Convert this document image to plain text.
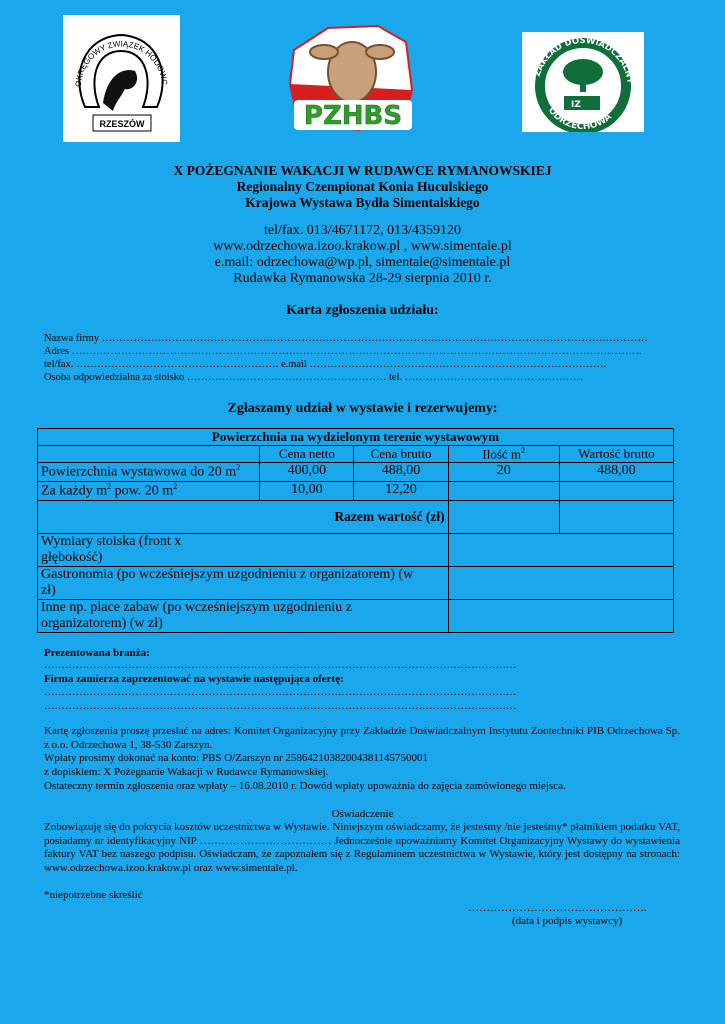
OKRĘGOWY ZWIĄZEK HODOWC
RZESZÓW	PZHBS
ZAKŁAD DOŚWIADCZALNY
ODRZECHOWA
IZ
X POŻEGNANIE WAKACJI W RUDAWCE RYMANOWSKIEJ
Regionalny Czempionat Konia Huculskiego
Krajowa Wystawa Bydła Simentalskiego
tel/fax. 013/4671172, 013/4359120
www.odrzechowa.izoo.krakow.pl , www.simentale.pl
e.mail: odrzechowa@wp.pl, simentale@simentale.pl
Rudawka Rymanowska 28-29 sierpnia 2010 r.
Karta zgłoszenia udziału:
Nazwa firmy …………………………………………………………………………………………………………………………………………
Adres ……………………………………………………………………………………………………………………………………………….
tel/fax. …………………………………………………. e.mail ………………………………………………………………………….
Osoba odpowiedzialna za stoisko ………………………………………………… tel. ……………………………………………
Zgłaszamy udział w wystawie i rezerwujemy:
Powierzchnia na wydzielonym terenie wystawowym				
	Cena netto	Cena brutto	Ilość $m^2$	Wartość brutto
Powierzchnia wystawowa do 20 $m^2$	400,00	488,00	20	488,00
Za każdy $m^2$ pow. 20 $m^2$	10,00	12,20		
Razem wartość (zł)				

Wymiary stoiska (front x głębokość)				

Gastronomia (po wcześniejszym uzgodnieniu z organizatorem) (w zł)				

Inne np. place zabaw (po wcześniejszym uzgodnieniu z organizatorem) (w zł)				

Prezentowana branża:
………………………………………………………………………………………………………………………
Firma zamierza zaprezentować na wystawie następująca ofertę:
………………………………………………………………………………………………………………………
………………………………………………………………………………………………………………………
Kartę zgłoszenia proszę przesłać na adres: Komitet Organizacyjny przy Zakładzie Doświadczalnym Instytutu Zootechniki PIB Odrzechowa Sp. z o.o. Odrzechowa 1, 38-530 Zarszyn.
Wpłaty prosimy dokonać na konto: PBS O/Zarszyn nr 25864210382004381145750001
z dopiskiem: X Pożegnanie Wakacji w Rudawce Rymanowskiej.
Ostateczny termin zgłoszenia oraz wpłaty – 16.08.2010 r. Dowód wpłaty upoważnia do zajęcia zamówionego miejsca.
Oświadczenie
Zobowiązuję się do pokrycia kosztów uczestnictwa w Wystawie. Niniejszym oświadczamy, że jesteśmy /nie jesteśmy* płatnikiem podatku VAT, posiadamy nr identyfikacyjny NIP ……………………………… Jednocześnie upoważniamy Komitet Organizacyjny Wystawy do wystawienia faktury VAT bez naszego podpisu. Oświadczam, że zapoznałem się z Regulaminem uczestnictwa w Wystawie, który jest dostępny na stronach: www.odrzechowa.izoo.krakow.pl oraz www.simentale.pl.
*niepotrzebne skreślić
………………………………………….
(data i podpis wystawcy)
